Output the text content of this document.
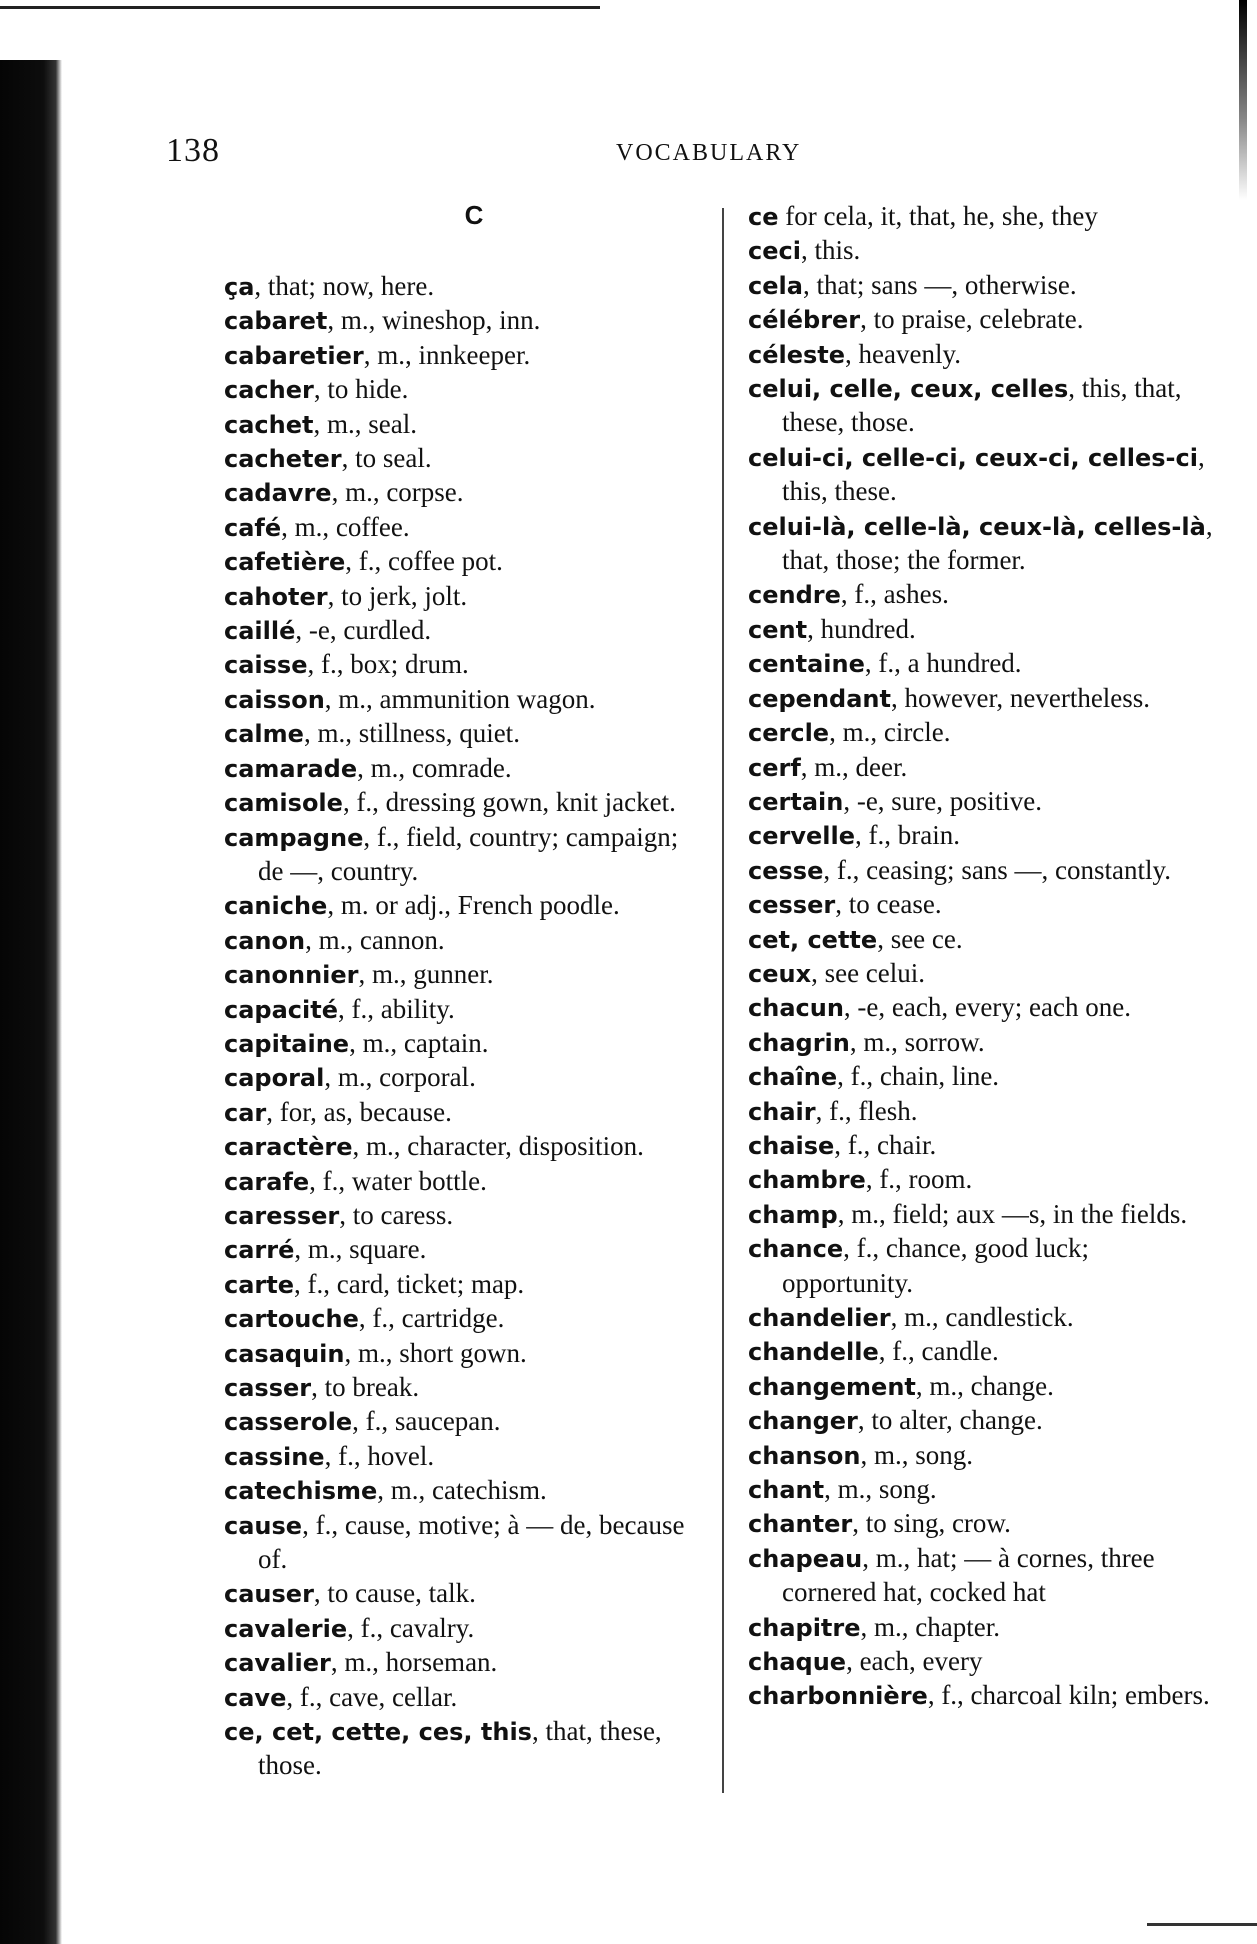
138	VOCABULARY
C

ça, that; now, here.

cabaret, m., wineshop, inn.

cabaretier, m., innkeeper.

cacher, to hide.

cachet, m., seal.

cacheter, to seal.

cadavre, m., corpse.

café, m., coffee.

cafetière, f., coffee pot.

cahoter, to jerk, jolt.

caillé, -e, curdled.

caisse, f., box; drum.

caisson, m., ammunition wagon.

calme, m., stillness, quiet.

camarade, m., comrade.

camisole, f., dressing gown, knit jacket.

campagne, f., field, country; campaign; de —, country.

caniche, m. or adj., French poodle.

canon, m., cannon.

canonnier, m., gunner.

capacité, f., ability.

capitaine, m., captain.

caporal, m., corporal.

car, for, as, because.

caractère, m., character, disposition.

carafe, f., water bottle.

caresser, to caress.

carré, m., square.

carte, f., card, ticket; map.

cartouche, f., cartridge.

casaquin, m., short gown.

casser, to break.

casserole, f., saucepan.

cassine, f., hovel.

catechisme, m., catechism.

cause, f., cause, motive; à — de, because of.

causer, to cause, talk.

cavalerie, f., cavalry.

cavalier, m., horseman.

cave, f., cave, cellar.

ce, cet, cette, ces, this, that, these, those.

ce for cela, it, that, he, she, they

ceci, this.

cela, that; sans —, otherwise.

célébrer, to praise, celebrate.

céleste, heavenly.

celui, celle, ceux, celles, this, that, these, those.

celui-ci, celle-ci, ceux-ci, celles-ci, this, these.

celui-là, celle-là, ceux-là, celles-là, that, those; the former.

cendre, f., ashes.

cent, hundred.

centaine, f., a hundred.

cependant, however, nevertheless.

cercle, m., circle.

cerf, m., deer.

certain, -e, sure, positive.

cervelle, f., brain.

cesse, f., ceasing; sans —, constantly.

cesser, to cease.

cet, cette, see ce.

ceux, see celui.

chacun, -e, each, every; each one.

chagrin, m., sorrow.

chaîne, f., chain, line.

chair, f., flesh.

chaise, f., chair.

chambre, f., room.

champ, m., field; aux —s, in the fields.

chance, f., chance, good luck; opportunity.

chandelier, m., candlestick.

chandelle, f., candle.

changement, m., change.

changer, to alter, change.

chanson, m., song.

chant, m., song.

chanter, to sing, crow.

chapeau, m., hat; — à cornes, three cornered hat, cocked hat

chapitre, m., chapter.

chaque, each, every

charbonnière, f., charcoal kiln; embers.
